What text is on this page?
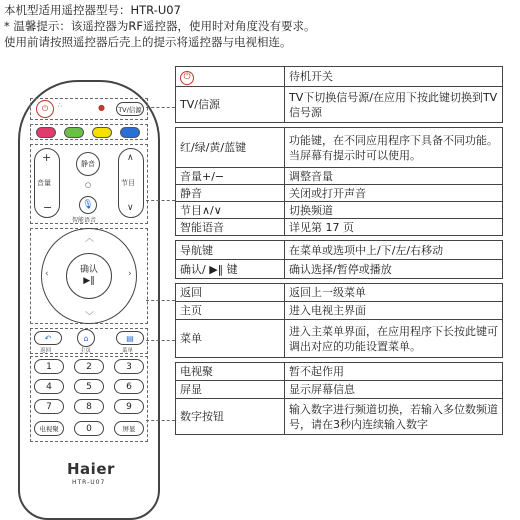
本机型适用遥控器型号：HTR-U07
* 温馨提示：该遥控器为RF遥控器，使用时对角度没有要求。
使用前请按照遥控器后壳上的提示将遥控器与电视相连。
⏻	∴	●	TV/信源
+
−
音量
静音
○
🎙
智能语音
∧
∨
节目
︿
﹀
‹	›
确认
▶‖
↶	⌂	▤
返回	主页	菜单
1	2	3
4	5	6
7	8	9
电视聚	0	屏显
Haier
HTR-U07
⏻	待机开关
TV/信源	TV下切换信号源/在应用下按此键切换到TV信号源

红/绿/黄/蓝键	功能键，在不同应用程序下具备不同功能。当屏幕有提示时可以使用。
音量+/−	调整音量
静音	关闭或打开声音
节目∧/∨	切换频道
智能语音	详见第 17 页

导航键	在菜单或选项中上/下/左/右移动
确认/ ▶‖ 键	确认选择/暂停或播放

返回	返回上一级菜单
主页	进入电视主界面
菜单	进入主菜单界面，在应用程序下长按此键可调出对应的功能设置菜单。

电视聚	暂不起作用
屏显	显示屏幕信息
数字按钮	输入数字进行频道切换，若输入多位数频道号，请在3秒内连续输入数字
